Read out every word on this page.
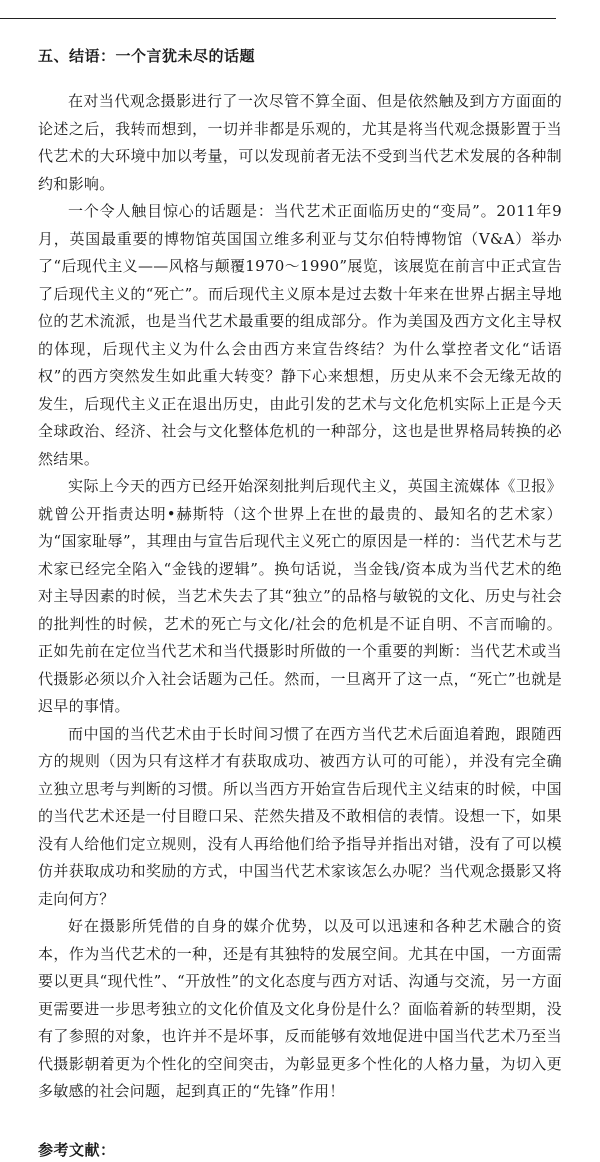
五、结语：一个言犹未尽的话题

在对当代观念摄影进行了一次尽管不算全面、但是依然触及到方方面面的论述之后，我转而想到，一切并非都是乐观的，尤其是将当代观念摄影置于当代艺术的大环境中加以考量，可以发现前者无法不受到当代艺术发展的各种制约和影响。

一个令人触目惊心的话题是：当代艺术正面临历史的“变局”。2011年9月，英国最重要的博物馆英国国立维多利亚与艾尔伯特博物馆（V&A）举办了“后现代主义——风格与颠覆1970～1990”展览，该展览在前言中正式宣告了后现代主义的“死亡”。而后现代主义原本是过去数十年来在世界占据主导地位的艺术流派，也是当代艺术最重要的组成部分。作为美国及西方文化主导权的体现，后现代主义为什么会由西方来宣告终结？为什么掌控者文化“话语权”的西方突然发生如此重大转变？静下心来想想，历史从来不会无缘无故的发生，后现代主义正在退出历史，由此引发的艺术与文化危机实际上正是今天全球政治、经济、社会与文化整体危机的一种部分，这也是世界格局转换的必然结果。

实际上今天的西方已经开始深刻批判后现代主义，英国主流媒体《卫报》就曾公开指责达明•赫斯特（这个世界上在世的最贵的、最知名的艺术家）为“国家耻辱”，其理由与宣告后现代主义死亡的原因是一样的：当代艺术与艺术家已经完全陷入“金钱的逻辑”。换句话说，当金钱/资本成为当代艺术的绝对主导因素的时候，当艺术失去了其“独立”的品格与敏锐的文化、历史与社会的批判性的时候，艺术的死亡与文化/社会的危机是不证自明、不言而喻的。正如先前在定位当代艺术和当代摄影时所做的一个重要的判断：当代艺术或当代摄影必须以介入社会话题为己任。然而，一旦离开了这一点，“死亡”也就是迟早的事情。

而中国的当代艺术由于长时间习惯了在西方当代艺术后面追着跑，跟随西方的规则（因为只有这样才有获取成功、被西方认可的可能），并没有完全确立独立思考与判断的习惯。所以当西方开始宣告后现代主义结束的时候，中国的当代艺术还是一付目瞪口呆、茫然失措及不敢相信的表情。设想一下，如果没有人给他们定立规则，没有人再给他们给予指导并指出对错，没有了可以模仿并获取成功和奖励的方式，中国当代艺术家该怎么办呢？当代观念摄影又将走向何方？

好在摄影所凭借的自身的媒介优势，以及可以迅速和各种艺术融合的资本，作为当代艺术的一种，还是有其独特的发展空间。尤其在中国，一方面需要以更具“现代性”、“开放性”的文化态度与西方对话、沟通与交流，另一方面更需要进一步思考独立的文化价值及文化身份是什么？面临着新的转型期，没有了参照的对象，也许并不是坏事，反而能够有效地促进中国当代艺术乃至当代摄影朝着更为个性化的空间突击，为彰显更多个性化的人格力量，为切入更多敏感的社会问题，起到真正的“先锋”作用！

参考文献：
